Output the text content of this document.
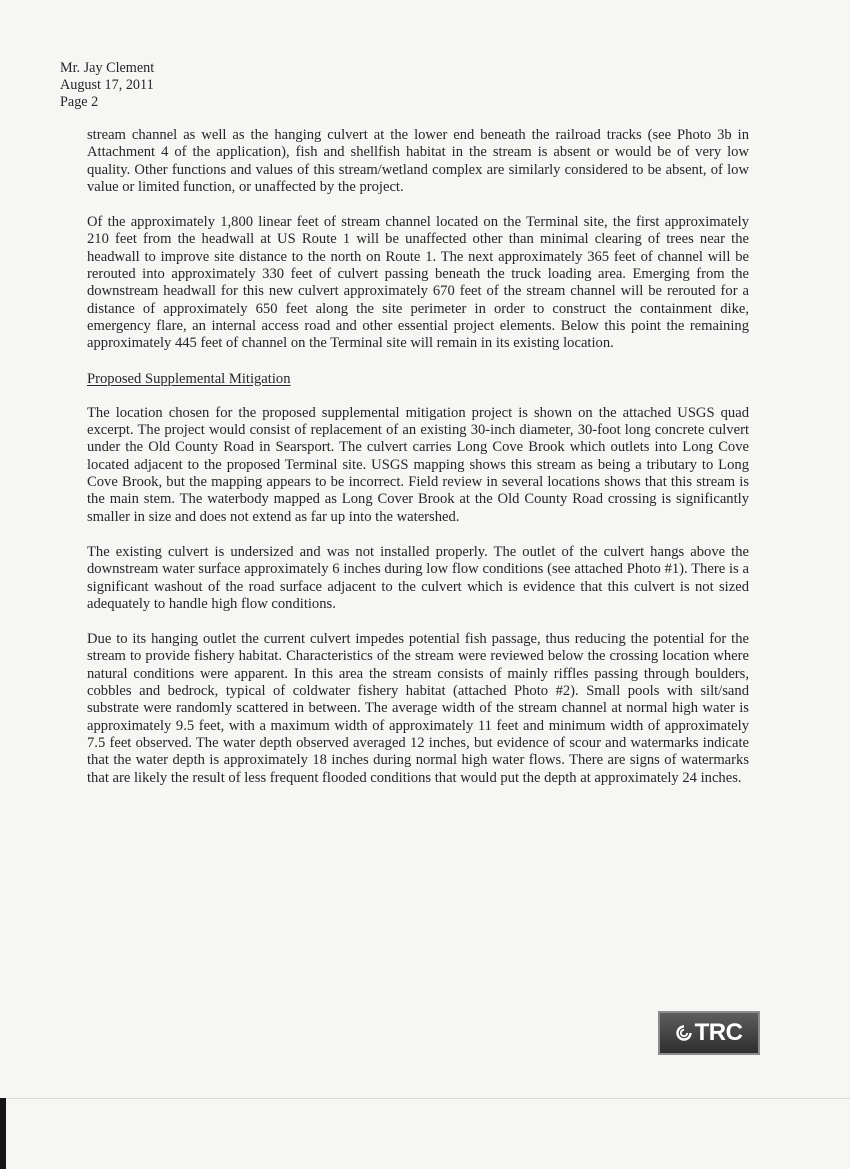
Mr. Jay Clement
August 17, 2011
Page 2

stream channel as well as the hanging culvert at the lower end beneath the railroad tracks (see Photo 3b in Attachment 4 of the application), fish and shellfish habitat in the stream is absent or would be of very low quality. Other functions and values of this stream/wetland complex are similarly considered to be absent, of low value or limited function, or unaffected by the project.

Of the approximately 1,800 linear feet of stream channel located on the Terminal site, the first approximately 210 feet from the headwall at US Route 1 will be unaffected other than minimal clearing of trees near the headwall to improve site distance to the north on Route 1. The next approximately 365 feet of channel will be rerouted into approximately 330 feet of culvert passing beneath the truck loading area. Emerging from the downstream headwall for this new culvert approximately 670 feet of the stream channel will be rerouted for a distance of approximately 650 feet along the site perimeter in order to construct the containment dike, emergency flare, an internal access road and other essential project elements. Below this point the remaining approximately 445 feet of channel on the Terminal site will remain in its existing location.

Proposed Supplemental Mitigation

The location chosen for the proposed supplemental mitigation project is shown on the attached USGS quad excerpt. The project would consist of replacement of an existing 30-inch diameter, 30-foot long concrete culvert under the Old County Road in Searsport. The culvert carries Long Cove Brook which outlets into Long Cove located adjacent to the proposed Terminal site. USGS mapping shows this stream as being a tributary to Long Cove Brook, but the mapping appears to be incorrect. Field review in several locations shows that this stream is the main stem. The waterbody mapped as Long Cover Brook at the Old County Road crossing is significantly smaller in size and does not extend as far up into the watershed.

The existing culvert is undersized and was not installed properly. The outlet of the culvert hangs above the downstream water surface approximately 6 inches during low flow conditions (see attached Photo #1). There is a significant washout of the road surface adjacent to the culvert which is evidence that this culvert is not sized adequately to handle high flow conditions.

Due to its hanging outlet the current culvert impedes potential fish passage, thus reducing the potential for the stream to provide fishery habitat. Characteristics of the stream were reviewed below the crossing location where natural conditions were apparent. In this area the stream consists of mainly riffles passing through boulders, cobbles and bedrock, typical of coldwater fishery habitat (attached Photo #2). Small pools with silt/sand substrate were randomly scattered in between. The average width of the stream channel at normal high water is approximately 9.5 feet, with a maximum width of approximately 11 feet and minimum width of approximately 7.5 feet observed. The water depth observed averaged 12 inches, but evidence of scour and watermarks indicate that the water depth is approximately 18 inches during normal high water flows. There are signs of watermarks that are likely the result of less frequent flooded conditions that would put the depth at approximately 24 inches.

TRC
